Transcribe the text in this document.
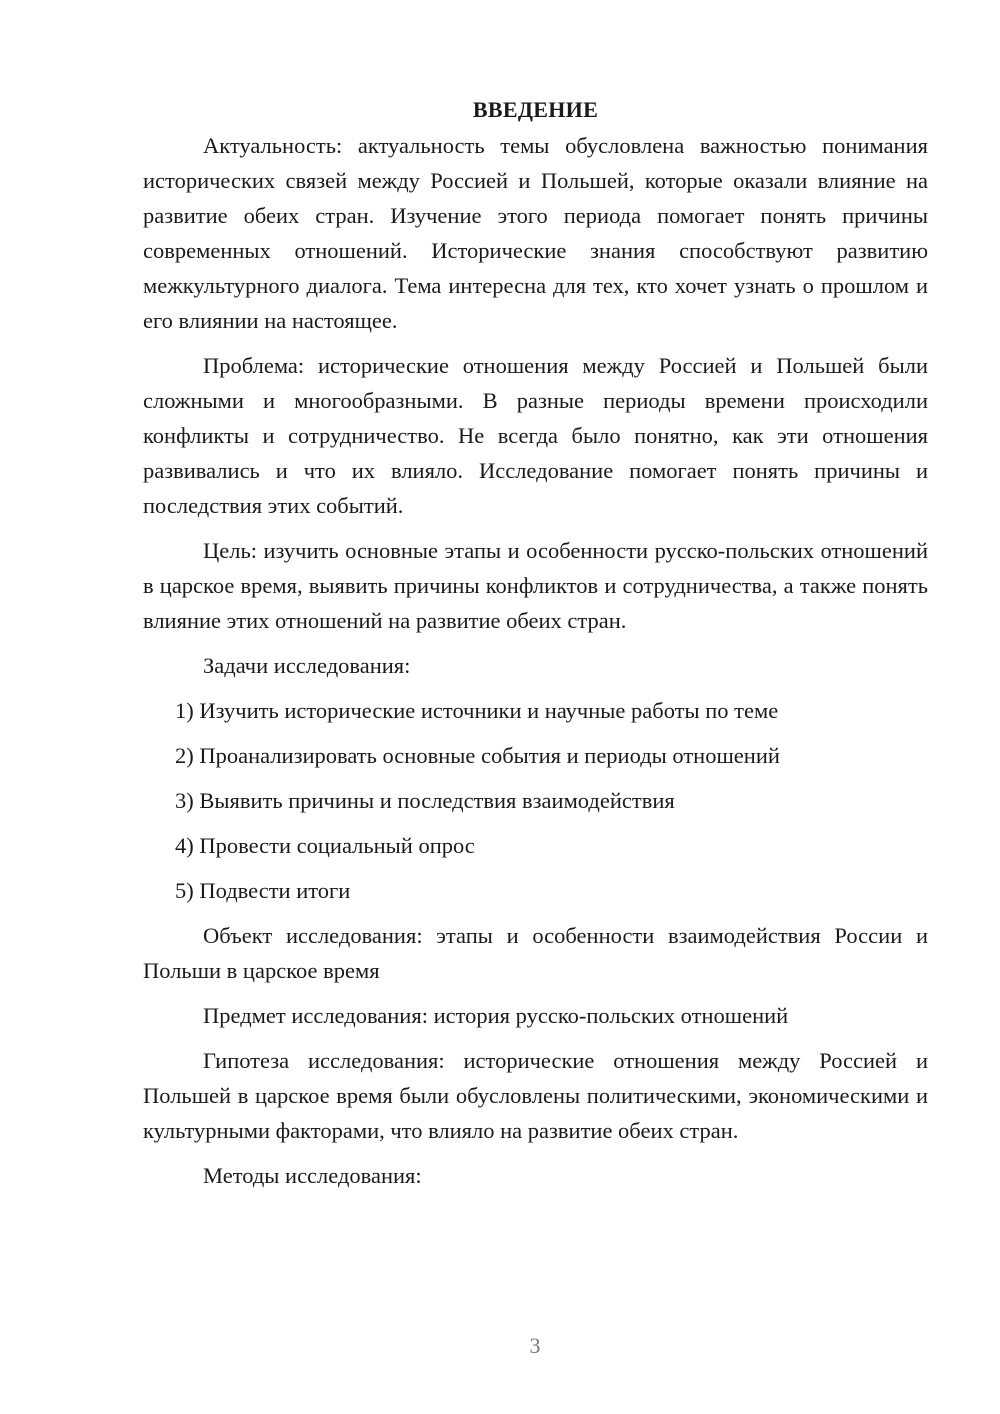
ВВЕДЕНИЕ

Актуальность: актуальность темы обусловлена важностью понимания исторических связей между Россией и Польшей, которые оказали влияние на развитие обеих стран. Изучение этого периода помогает понять причины современных отношений. Исторические знания способствуют развитию межкультурного диалога. Тема интересна для тех, кто хочет узнать о прошлом и его влиянии на настоящее.

Проблема: исторические отношения между Россией и Польшей были сложными и многообразными. В разные периоды времени происходили конфликты и сотрудничество. Не всегда было понятно, как эти отношения развивались и что их влияло. Исследование помогает понять причины и последствия этих событий.

Цель: изучить основные этапы и особенности русско-польских отношений в царское время, выявить причины конфликтов и сотрудничества, а также понять влияние этих отношений на развитие обеих стран.

Задачи исследования:

1) Изучить исторические источники и научные работы по теме
2) Проанализировать основные события и периоды отношений
3) Выявить причины и последствия взаимодействия
4) Провести социальный опрос
5) Подвести итоги

Объект исследования: этапы и особенности взаимодействия России и Польши в царское время

Предмет исследования: история русско-польских отношений

Гипотеза исследования: исторические отношения между Россией и Польшей в царское время были обусловлены политическими, экономическими и культурными факторами, что влияло на развитие обеих стран.

Методы исследования:

3
